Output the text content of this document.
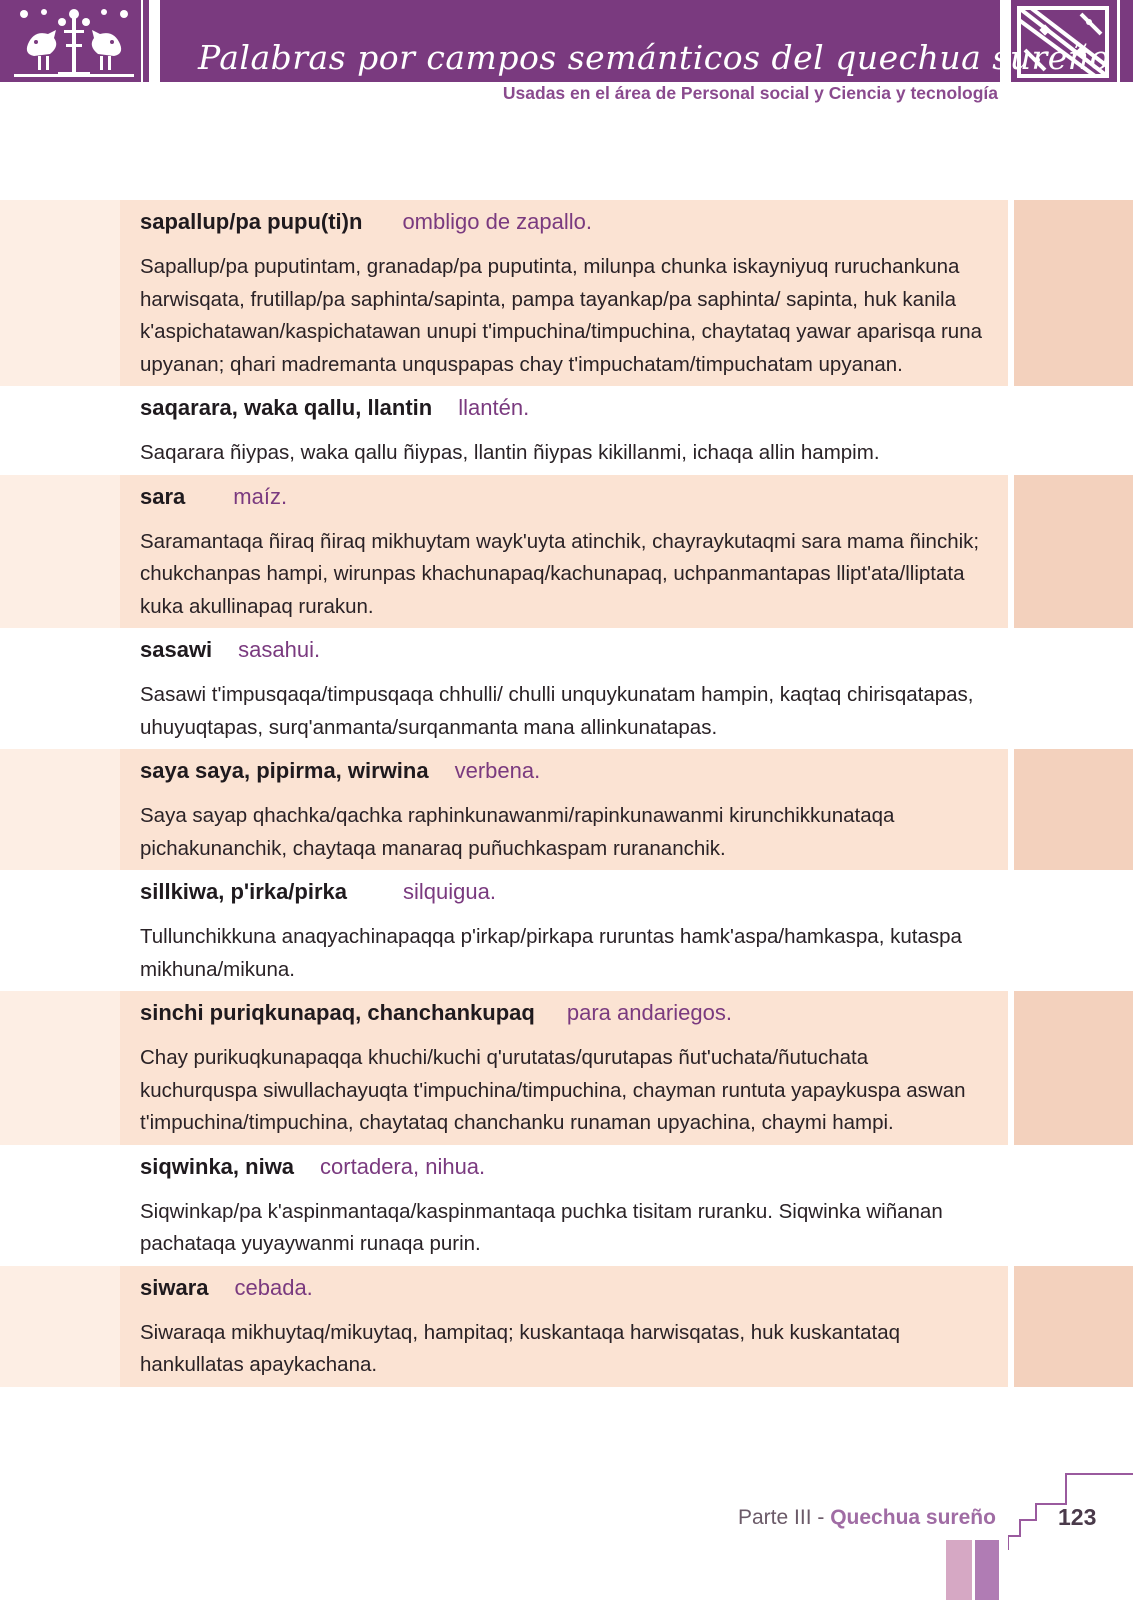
Palabras por campos semánticos del quechua sureño
Usadas en el área de Personal social y Ciencia y tecnología
sapallup/pa pupu(ti)n ombligo de zapallo.
Sapallup/pa puputintam, granadap/pa puputinta, milunpa chunka iskayniyuq ruruchankuna harwisqata, frutillap/pa saphinta/sapinta, pampa tayankap/pa saphinta/ sapinta, huk kanila k'aspichatawan/kaspichatawan unupi t'impuchina/timpuchina, chaytataq yawar aparisqa runa upyanan; qhari madremanta unquspapas chay t'impuchatam/timpuchatam upyanan.
saqarara, waka qallu, llantin llantén.
Saqarara ñiypas, waka qallu ñiypas, llantin ñiypas kikillanmi, ichaqa allin hampim.
sara maíz.
Saramantaqa ñiraq ñiraq mikhuytam wayk'uyta atinchik, chayraykutaqmi sara mama ñinchik; chukchanpas hampi, wirunpas khachunapaq/kachunapaq, uchpanmantapas llipt'ata/lliptata kuka akullinapaq rurakun.
sasawi sasahui.
Sasawi t'impusqaqa/timpusqaqa chhulli/ chulli unquykunatam hampin, kaqtaq chirisqatapas, uhuyuqtapas, surq'anmanta/surqanmanta mana allinkunatapas.
saya saya, pipirma, wirwina verbena.
Saya sayap qhachka/qachka raphinkunawanmi/rapinkunawanmi kirunchikkunataqa pichakunanchik, chaytaqa manaraq puñuchkaspam rurananchik.
sillkiwa, p'irka/pirka	silquigua.
Tullunchikkuna anaqyachinapaqqa p'irkap/pirkapa ruruntas hamk'aspa/hamkaspa, kutaspa mikhuna/mikuna.
sinchi puriqkunapaq, chanchankupaq para andariegos.
Chay purikuqkunapaqqa khuchi/kuchi q'urutatas/qurutapas ñut'uchata/ñutuchata kuchurquspa siwullachayuqta t'impuchina/timpuchina, chayman runtuta yapaykuspa aswan t'impuchina/timpuchina, chaytataq chanchanku runaman upyachina, chaymi hampi.
siqwinka, niwa cortadera, nihua.
Siqwinkap/pa k'aspinmantaqa/kaspinmantaqa puchka tisitam ruranku. Siqwinka wiñanan pachataqa yuyaywanmi runaqa purin.
siwara cebada.
Siwaraqa mikhuytaq/mikuytaq, hampitaq; kuskantaqa harwisqatas, huk kuskantataq hankullatas apaykachana.
Parte III - Quechua sureño	123
